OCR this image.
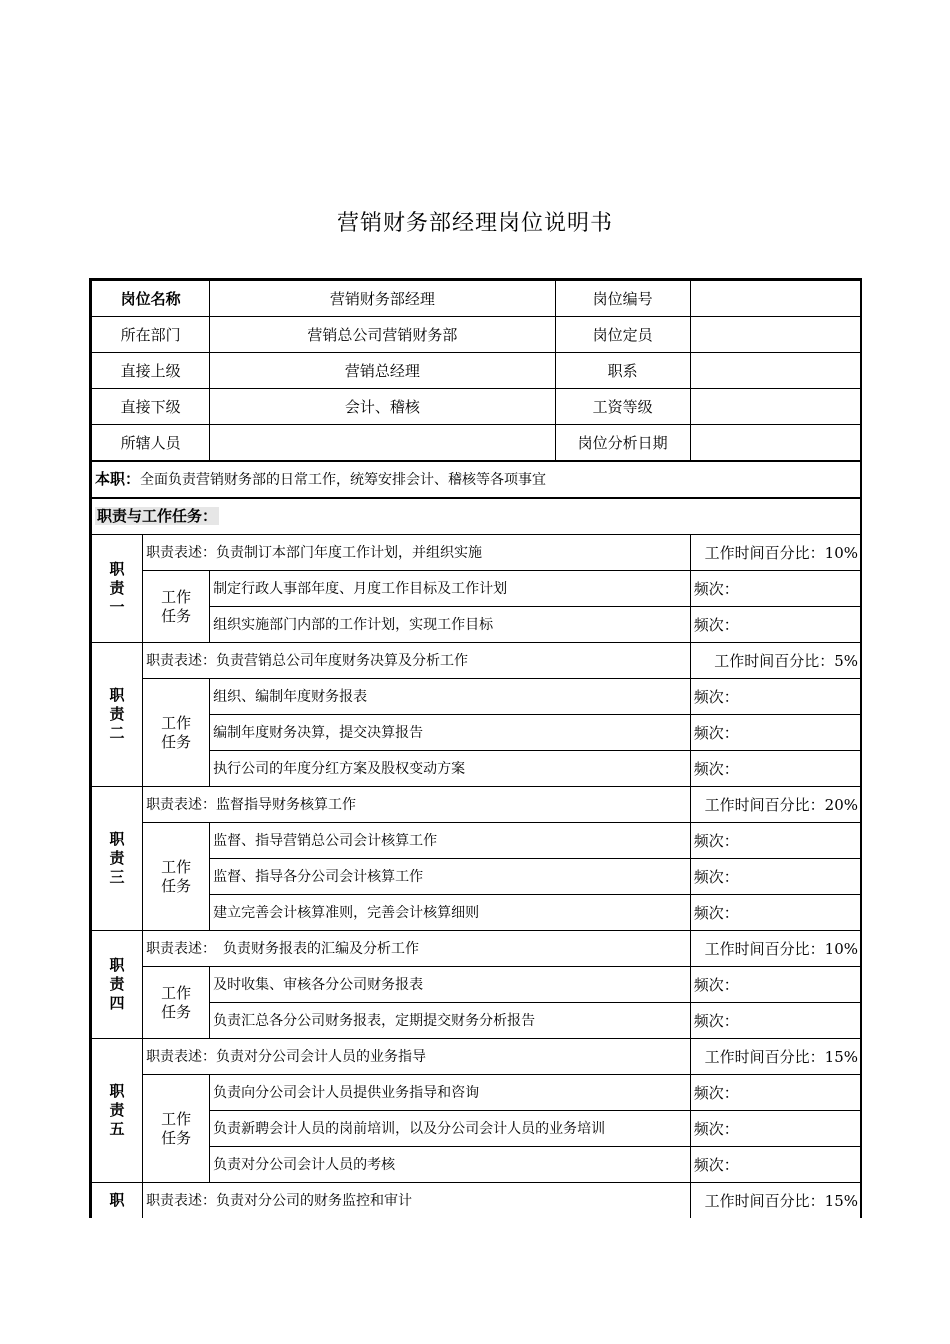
营销财务部经理岗位说明书
岗位名称		营销财务部经理	岗位编号	
所在部门		营销总公司营销财务部	岗位定员	
直接上级		营销总经理	职系	
直接下级		会计、稽核	工资等级	
所辖人员			岗位分析日期	
本职：全面负责营销财务部的日常工作，统筹安排会计、稽核等各项事宜				
职责与工作任务：				

职
责
一	职责表述：负责制订本部门年度工作计划，并组织实施			工作时间百分比：10%

	工作
任务	制定行政人事部年度、月度工作目标及工作计划		频次：
		组织实施部门内部的工作计划，实现工作目标		频次：

职
责
二	职责表述：负责营销总公司年度财务决算及分析工作			工作时间百分比：5%

	工作
任务	组织、编制年度财务报表		频次：
		编制年度财务决算，提交决算报告		频次：
		执行公司的年度分红方案及股权变动方案		频次：

职
责
三	职责表述：监督指导财务核算工作			工作时间百分比：20%

	工作
任务	监督、指导营销总公司会计核算工作		频次：
		监督、指导各分公司会计核算工作		频次：
		建立完善会计核算准则，完善会计核算细则		频次：

职
责
四	职责表述：　负责财务报表的汇编及分析工作			工作时间百分比：10%

	工作
任务	及时收集、审核各分公司财务报表		频次：
		负责汇总各分公司财务报表，定期提交财务分析报告		频次：

职
责
五	职责表述：负责对分公司会计人员的业务指导			工作时间百分比：15%

	工作
任务	负责向分公司会计人员提供业务指导和咨询		频次：
		负责新聘会计人员的岗前培训，以及分公司会计人员的业务培训		频次：
		负责对分公司会计人员的考核		频次：

职	职责表述：负责对分公司的财务监控和审计			工作时间百分比：15%
